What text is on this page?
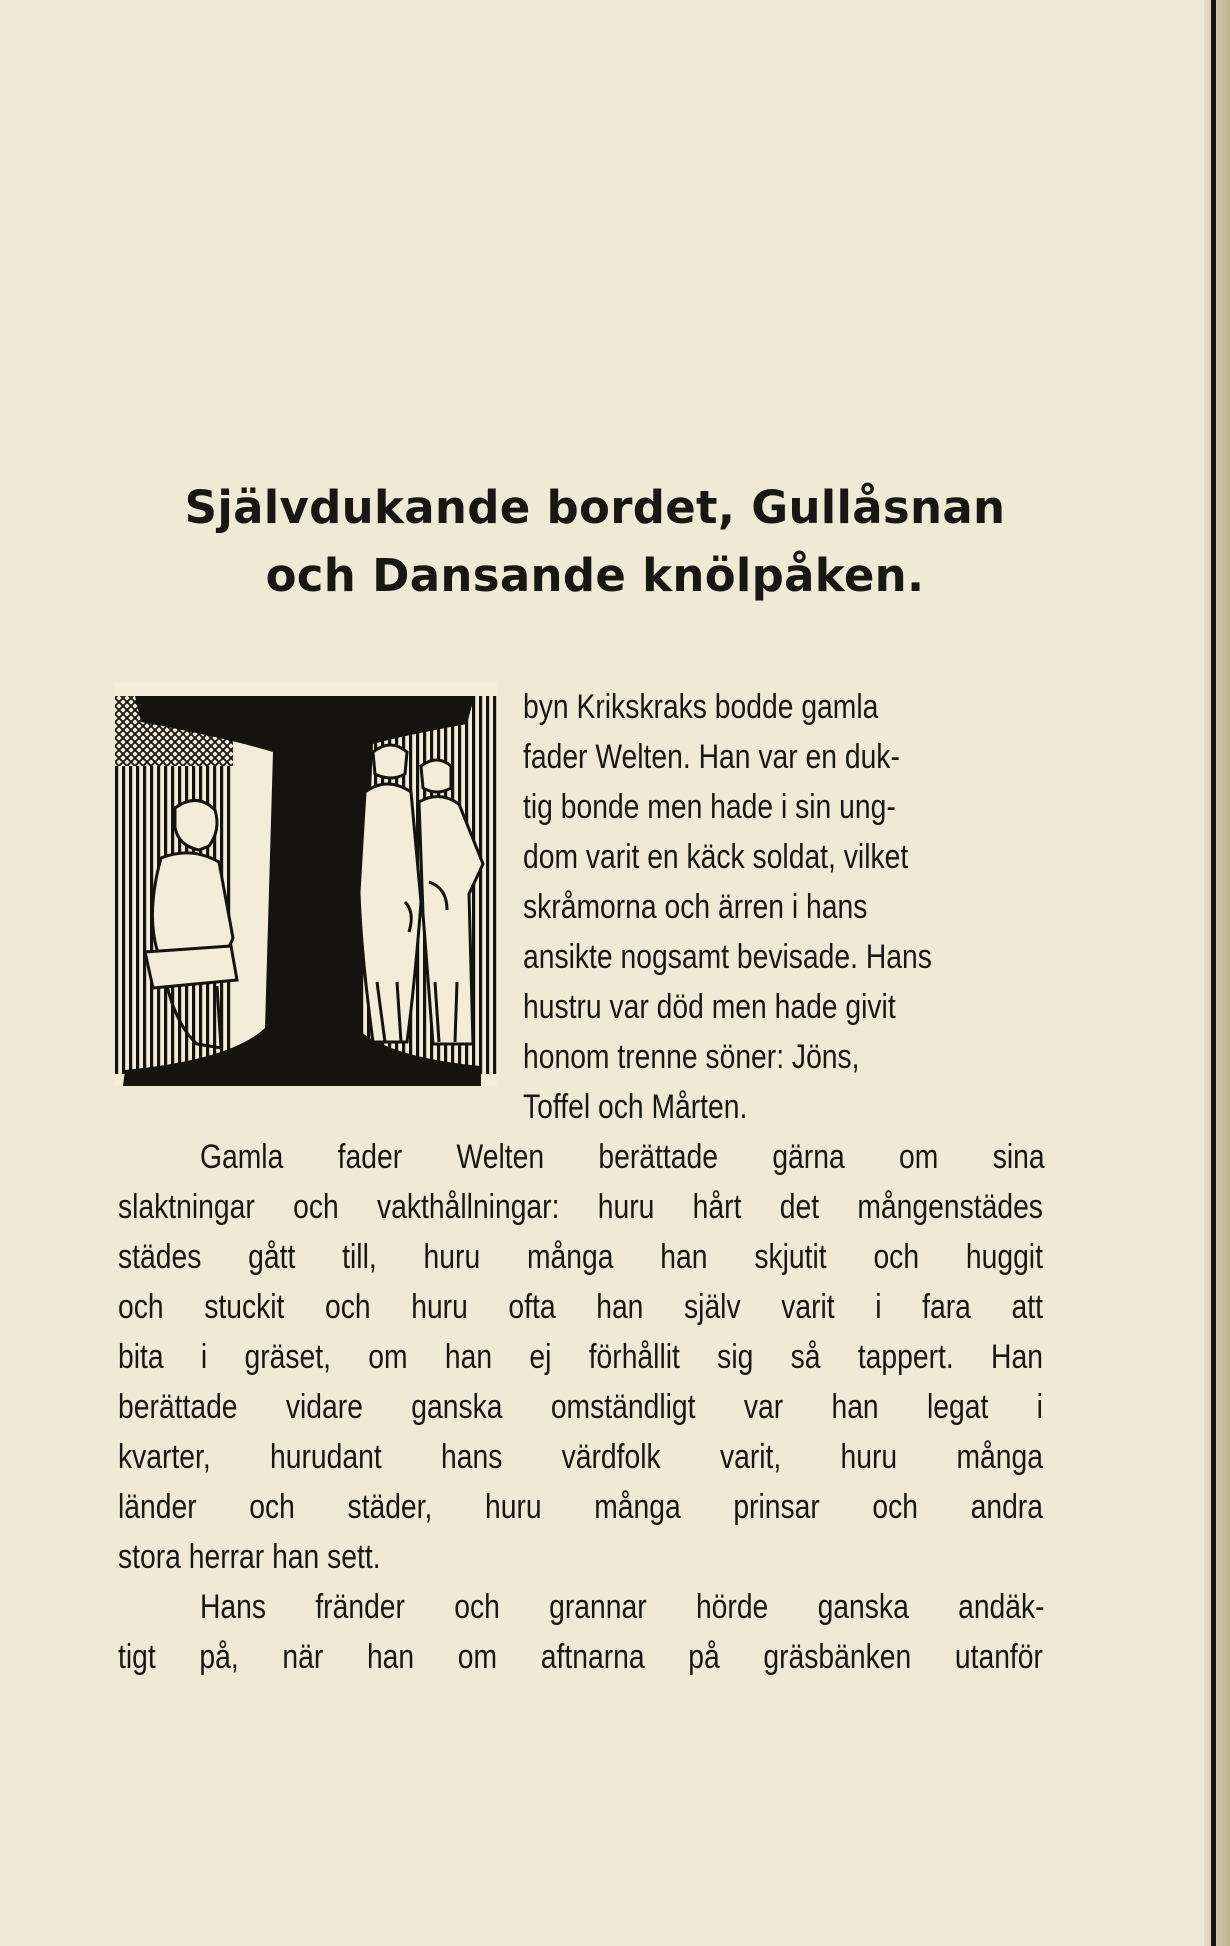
Självdukande bordet, Gullåsnan
och Dansande knölpåken.

byn Krikskraks bodde gamla

fader Welten. Han var en duk-

tig bonde men hade i sin ung-

dom varit en käck soldat, vilket

skråmorna och ärren i hans

ansikte nogsamt bevisade. Hans

hustru var död men hade givit

honom trenne söner: Jöns,

Toffel och Mårten.

Gamla fader Welten berättade gärna om sina

slaktningar och vakthållningar: huru hårt det mångenstädes

städes gått till, huru många han skjutit och huggit

och stuckit och huru ofta han själv varit i fara att

bita i gräset, om han ej förhållit sig så tappert. Han

berättade vidare ganska omständligt var han legat i

kvarter, hurudant hans värdfolk varit, huru många

länder och städer, huru många prinsar och andra

stora herrar han sett.

Hans fränder och grannar hörde ganska andäk-

tigt på, när han om aftnarna på gräsbänken utanför
